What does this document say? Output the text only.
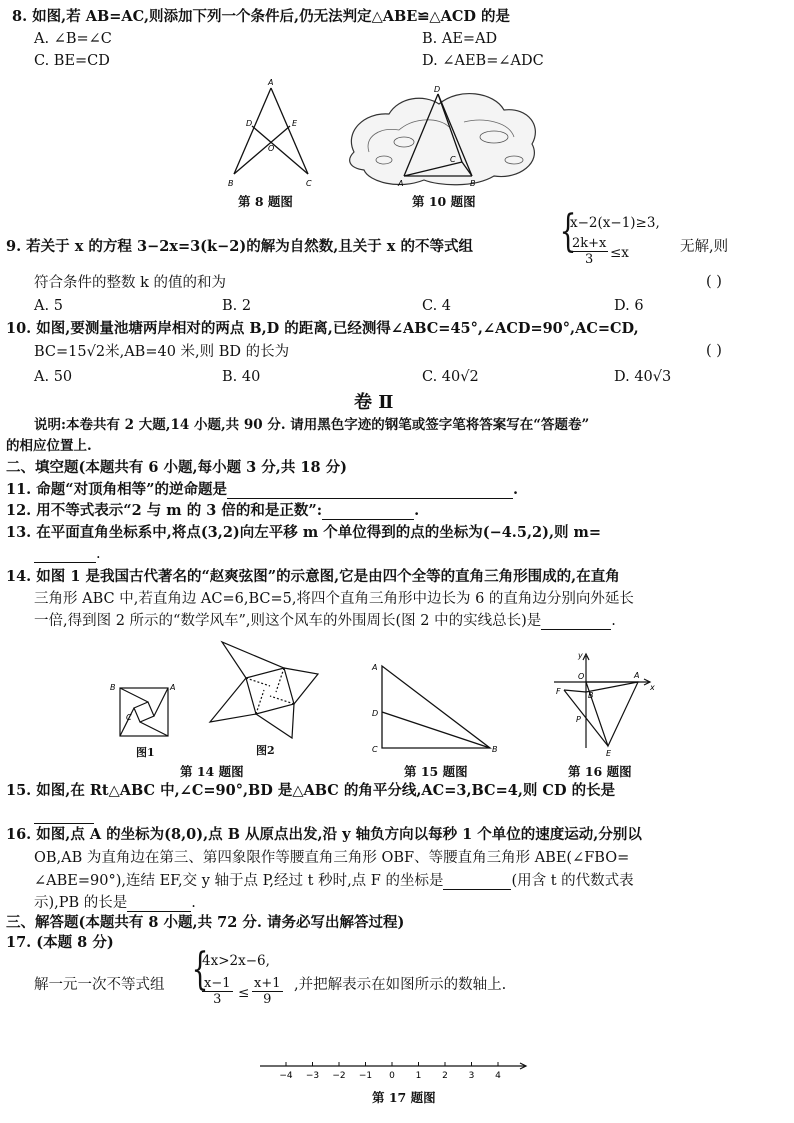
8. 如图,若 AB=AC,则添加下列一个条件后,仍无法判定△ABE≌△ACD 的是
A. ∠B=∠C	B. AE=AD
C. BE=CD	D. ∠AEB=∠ADC
A
D	E
O
B	C
第 8 题图
D
A	B
C
第 10 题图
9. 若关于 x 的方程 3−2x=3(k−2)的解为自然数,且关于 x 的不等式组 {
x−2(x−1)≥3,
$\frac{2k+x}{3} \le x$	无解,则
符合条件的整数 k 的值的和为	( )
A. 5	B. 2	C. 4	D. 6
10. 如图,要测量池塘两岸相对的两点 B,D 的距离,已经测得∠ABC=45°,∠ACD=90°,AC=CD,
BC=15√2米,AB=40 米,则 BD 的长为	( )
A. 50	B. 40	C. 40√2	D. 40√3
卷 Ⅱ
说明:本卷共有 2 大题,14 小题,共 90 分. 请用黑色字迹的钢笔或签字笔将答案写在“答题卷”
的相应位置上.
二、填空题(本题共有 6 小题,每小题 3 分,共 18 分)
11. 命题“对顶角相等”的逆命题是	.
12. 用不等式表示“2 与 m 的 3 倍的和是正数”:	.
13. 在平面直角坐标系中,将点(3,2)向左平移 m 个单位得到的点的坐标为(−4.5,2),则 m=
.
14. 如图 1 是我国古代著名的“赵爽弦图”的示意图,它是由四个全等的直角三角形围成的,在直角
三角形 ABC 中,若直角边 AC=6,BC=5,将四个直角三角形中边长为 6 的直角边分别向外延长
一倍,得到图 2 所示的“数学风车”,则这个风车的外围周长(图 2 中的实线总长)是	.
B	A
C
图1	图2
第 14 题图
A
D
C	B
第 15 题图
y
O	A
x
F	B
P
E
第 16 题图
15. 如图,在 Rt△ABC 中,∠C=90°,BD 是△ABC 的角平分线,AC=3,BC=4,则 CD 的长是
16. 如图,点 A 的坐标为(8,0),点 B 从原点出发,沿 y 轴负方向以每秒 1 个单位的速度运动,分别以
OB,AB 为直角边在第三、第四象限作等腰直角三角形 OBF、等腰直角三角形 ABE(∠FBO=
∠ABE=90°),连结 EF,交 y 轴于点 P,经过 t 秒时,点 F 的坐标是	(用含 t 的代数式表
示),PB 的长是	.
三、解答题(本题共有 8 小题,共 72 分. 请务必写出解答过程)
17. (本题 8 分)
解一元一次不等式组 {
4x>2x−6,
$\frac{x-1}{3} \le \frac{x+1}{9}$ ,并把解表示在如图所示的数轴上.
−4 −3 −2 −1 0 1 2 3 4
第 17 题图
